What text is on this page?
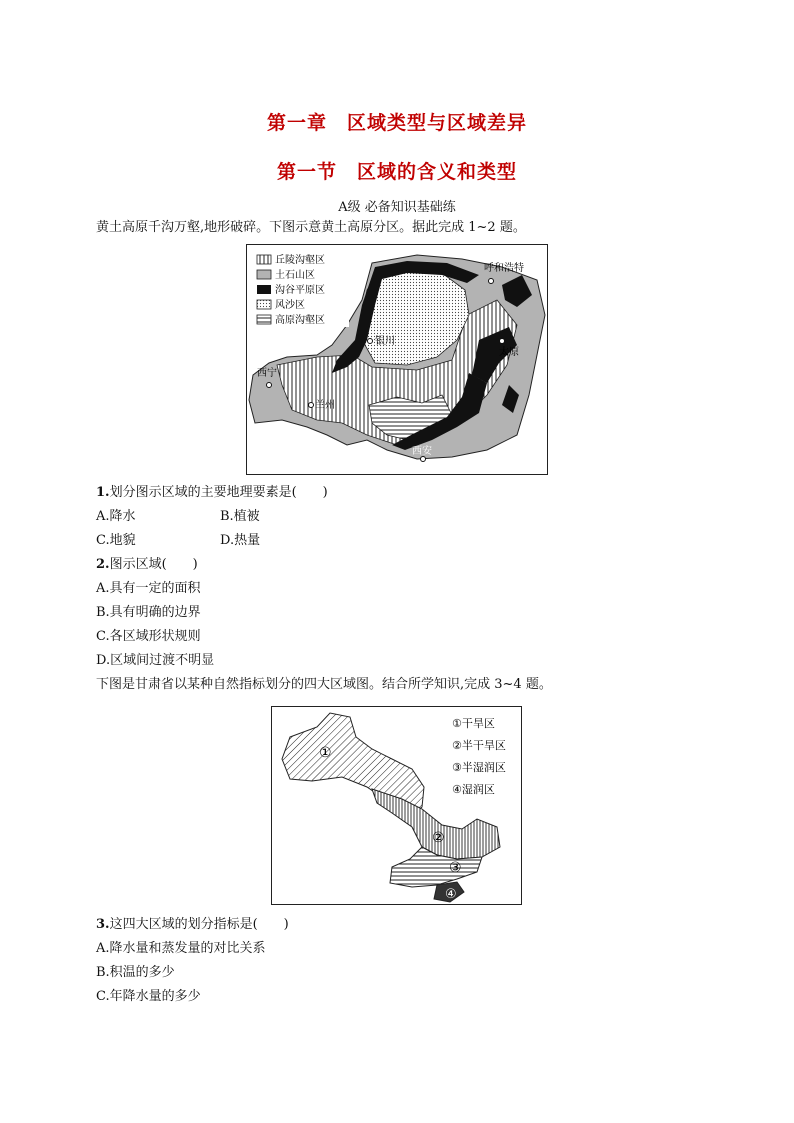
第一章　区域类型与区域差异
第一节　区域的含义和类型
A级 必备知识基础练
黄土高原千沟万壑,地形破碎。下图示意黄土高原分区。据此完成 1~2 题。
呼和浩特
银川
太原
西宁
兰州
西安
丘陵沟壑区
土石山区
沟谷平原区
风沙区
高原沟壑区
1.划分图示区域的主要地理要素是(　　)
A.降水	B.植被
C.地貌	D.热量
2.图示区域(　　)
A.具有一定的面积
B.具有明确的边界
C.各区域形状规则
D.区域间过渡不明显
下图是甘肃省以某种自然指标划分的四大区域图。结合所学知识,完成 3~4 题。
①
②
③
④
①干旱区
②半干旱区
③半湿润区
④湿润区
3.这四大区域的划分指标是(　　)
A.降水量和蒸发量的对比关系
B.积温的多少
C.年降水量的多少
